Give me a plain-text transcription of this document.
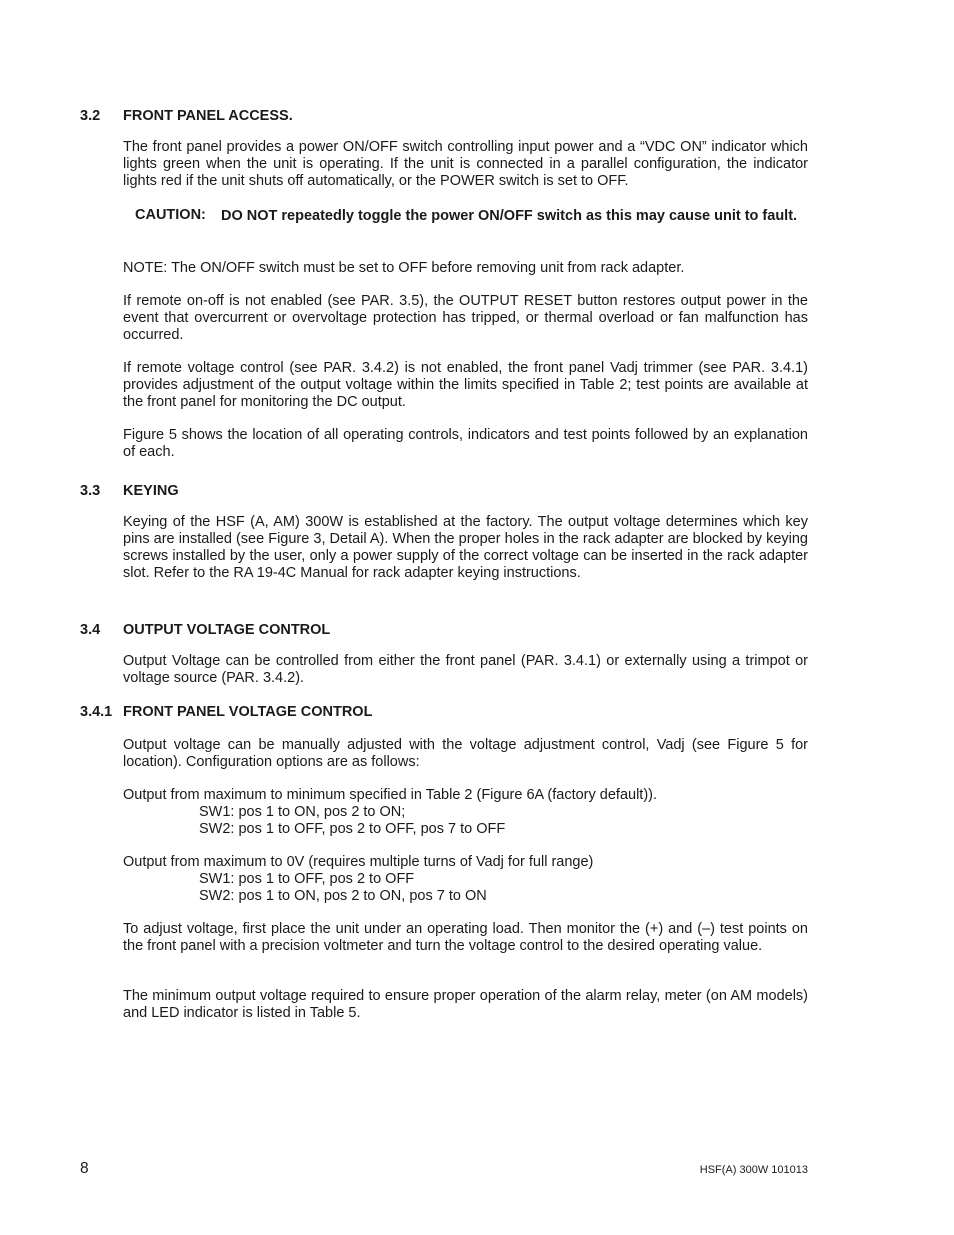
3.2 FRONT PANEL ACCESS.
The front panel provides a power ON/OFF switch controlling input power and a “VDC ON” indicator which lights green when the unit is operating. If the unit is connected in a parallel configuration, the indicator lights red if the unit shuts off automatically, or the POWER switch is set to OFF.
CAUTION: DO NOT repeatedly toggle the power ON/OFF switch as this may cause unit to fault.
NOTE: The ON/OFF switch must be set to OFF before removing unit from rack adapter.
If remote on-off is not enabled (see PAR. 3.5), the OUTPUT RESET button restores output power in the event that overcurrent or overvoltage protection has tripped, or thermal overload or fan malfunction has occurred.
If remote voltage control (see PAR. 3.4.2) is not enabled, the front panel Vadj trimmer (see PAR. 3.4.1) provides adjustment of the output voltage within the limits specified in Table 2; test points are available at the front panel for monitoring the DC output.
Figure 5 shows the location of all operating controls, indicators and test points followed by an explanation of each.
3.3 KEYING
Keying of the HSF (A, AM) 300W is established at the factory. The output voltage determines which key pins are installed (see Figure 3, Detail A). When the proper holes in the rack adapter are blocked by keying screws installed by the user, only a power supply of the correct voltage can be inserted in the rack adapter slot. Refer to the RA 19-4C Manual for rack adapter keying instructions.
3.4 OUTPUT VOLTAGE CONTROL
Output Voltage can be controlled from either the front panel (PAR. 3.4.1) or externally using a trimpot or voltage source (PAR. 3.4.2).
3.4.1 FRONT PANEL VOLTAGE CONTROL
Output voltage can be manually adjusted with the voltage adjustment control, Vadj (see Figure 5 for location). Configuration options are as follows:
Output from maximum to minimum specified in Table 2 (Figure 6A (factory default)).
SW1: pos 1 to ON, pos 2 to ON;
SW2: pos 1 to OFF, pos 2 to OFF, pos 7 to OFF
Output from maximum to 0V (requires multiple turns of Vadj for full range)
SW1: pos 1 to OFF, pos 2 to OFF
SW2: pos 1 to ON, pos 2 to ON, pos 7 to ON
To adjust voltage, first place the unit under an operating load. Then monitor the (+) and (–) test points on the front panel with a precision voltmeter and turn the voltage control to the desired operating value.
The minimum output voltage required to ensure proper operation of the alarm relay, meter (on AM models) and LED indicator is listed in Table 5.
8	HSF(A) 300W 101013
